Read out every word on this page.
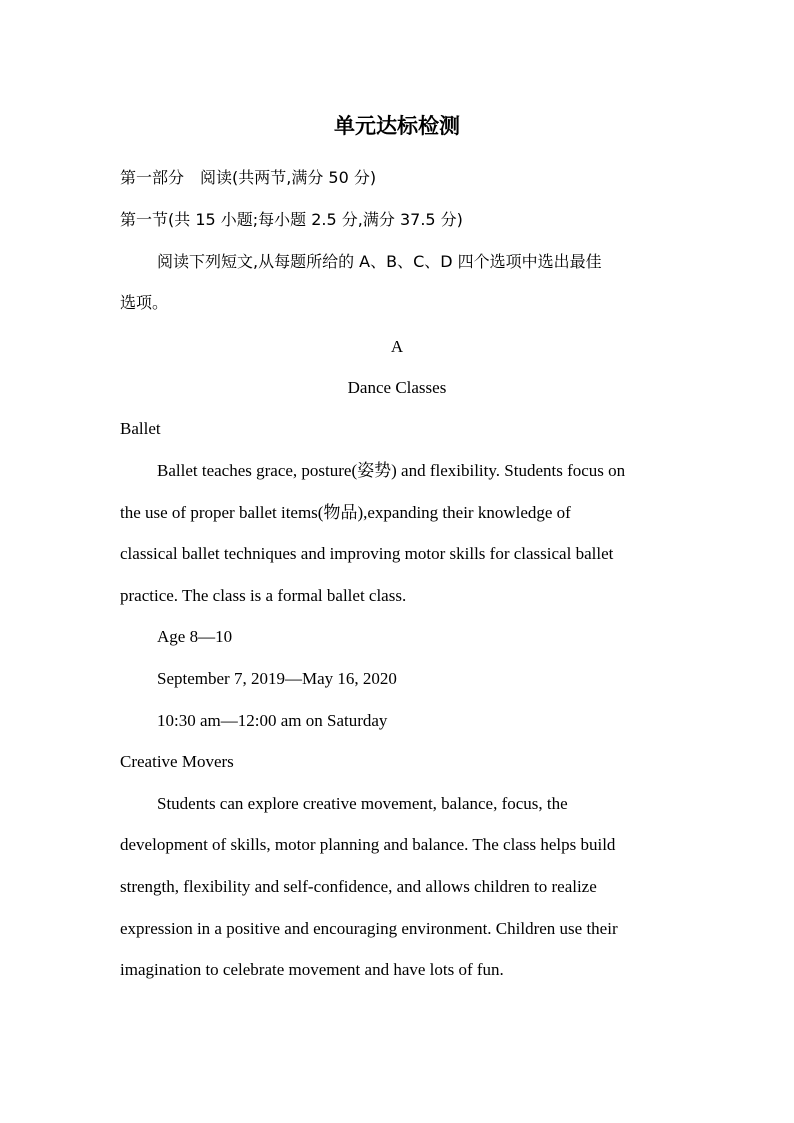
单元达标检测
第一部分　阅读(共两节,满分 50 分)
第一节(共 15 小题;每小题 2.5 分,满分 37.5 分)
阅读下列短文,从每题所给的 A、B、C、D 四个选项中选出最佳
选项。
A
Dance Classes
Ballet
Ballet teaches grace, posture(姿势) and flexibility. Students focus on
the use of proper ballet items(物品),expanding their knowledge of
classical ballet techniques and improving motor skills for classical ballet
practice. The class is a formal ballet class.
Age 8—10
September 7, 2019—May 16, 2020
10:30 am—12:00 am on Saturday
Creative Movers
Students can explore creative movement, balance, focus, the
development of skills, motor planning and balance. The class helps build
strength, flexibility and self-confidence, and allows children to realize
expression in a positive and encouraging environment. Children use their
imagination to celebrate movement and have lots of fun.
